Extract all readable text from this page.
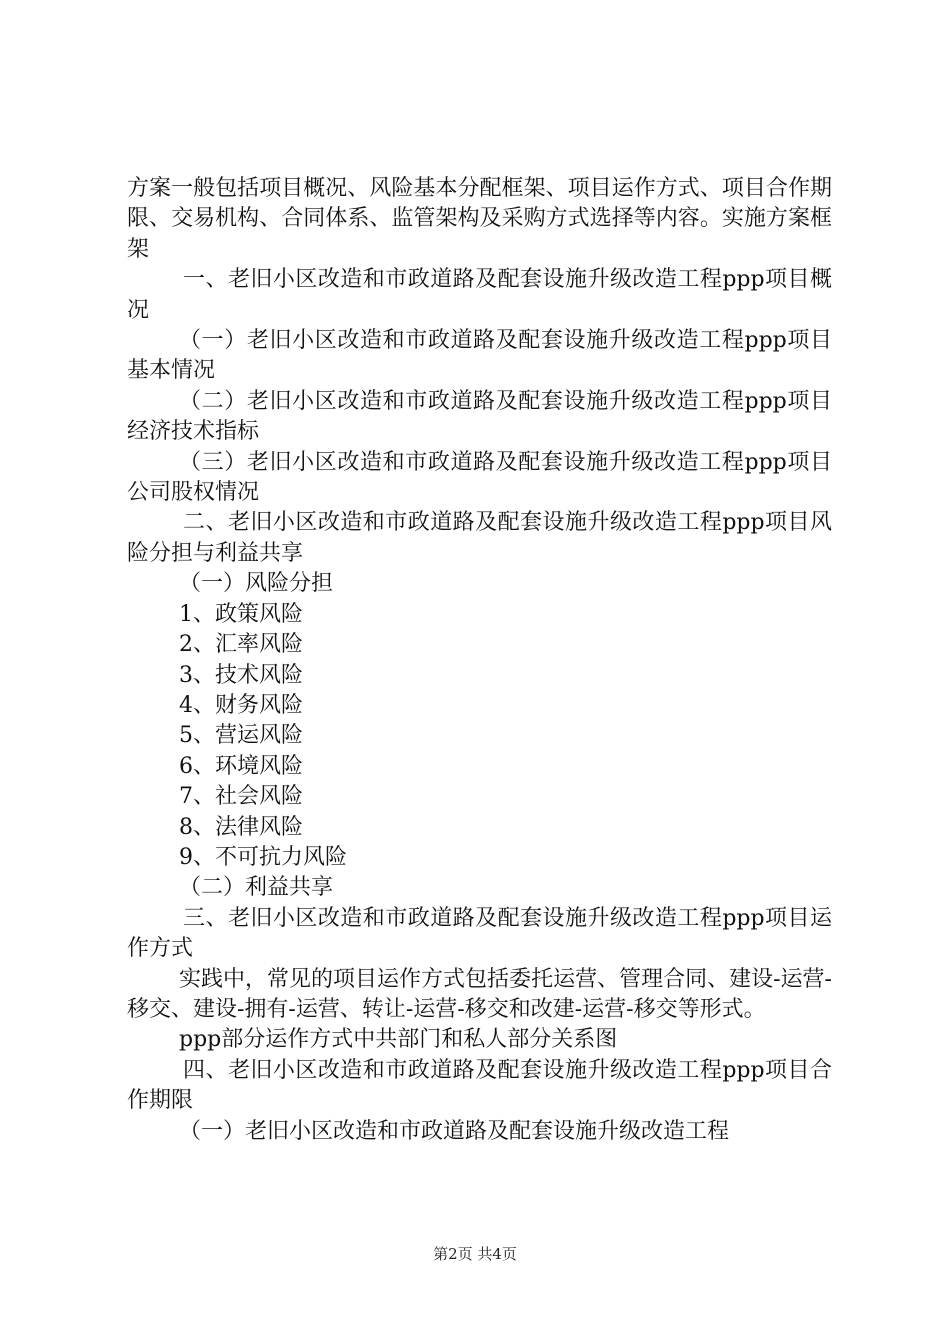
方案一般包括项目概况、风险基本分配框架、项目运作方式、项目合作期限、交易机构、合同体系、监管架构及采购方式选择等内容。实施方案框架

一、老旧小区改造和市政道路及配套设施升级改造工程ppp项目概况

（一）老旧小区改造和市政道路及配套设施升级改造工程ppp项目基本情况

（二）老旧小区改造和市政道路及配套设施升级改造工程ppp项目经济技术指标

（三）老旧小区改造和市政道路及配套设施升级改造工程ppp项目公司股权情况

二、老旧小区改造和市政道路及配套设施升级改造工程ppp项目风险分担与利益共享

（一）风险分担

1、政策风险

2、汇率风险

3、技术风险

4、财务风险

5、营运风险

6、环境风险

7、社会风险

8、法律风险

9、不可抗力风险

（二）利益共享

三、老旧小区改造和市政道路及配套设施升级改造工程ppp项目运作方式

实践中，常见的项目运作方式包括委托运营、管理合同、建设-运营-移交、建设-拥有-运营、转让-运营-移交和改建-运营-移交等形式。

ppp部分运作方式中共部门和私人部分关系图

四、老旧小区改造和市政道路及配套设施升级改造工程ppp项目合作期限

（一）老旧小区改造和市政道路及配套设施升级改造工程

第2页 共4页
